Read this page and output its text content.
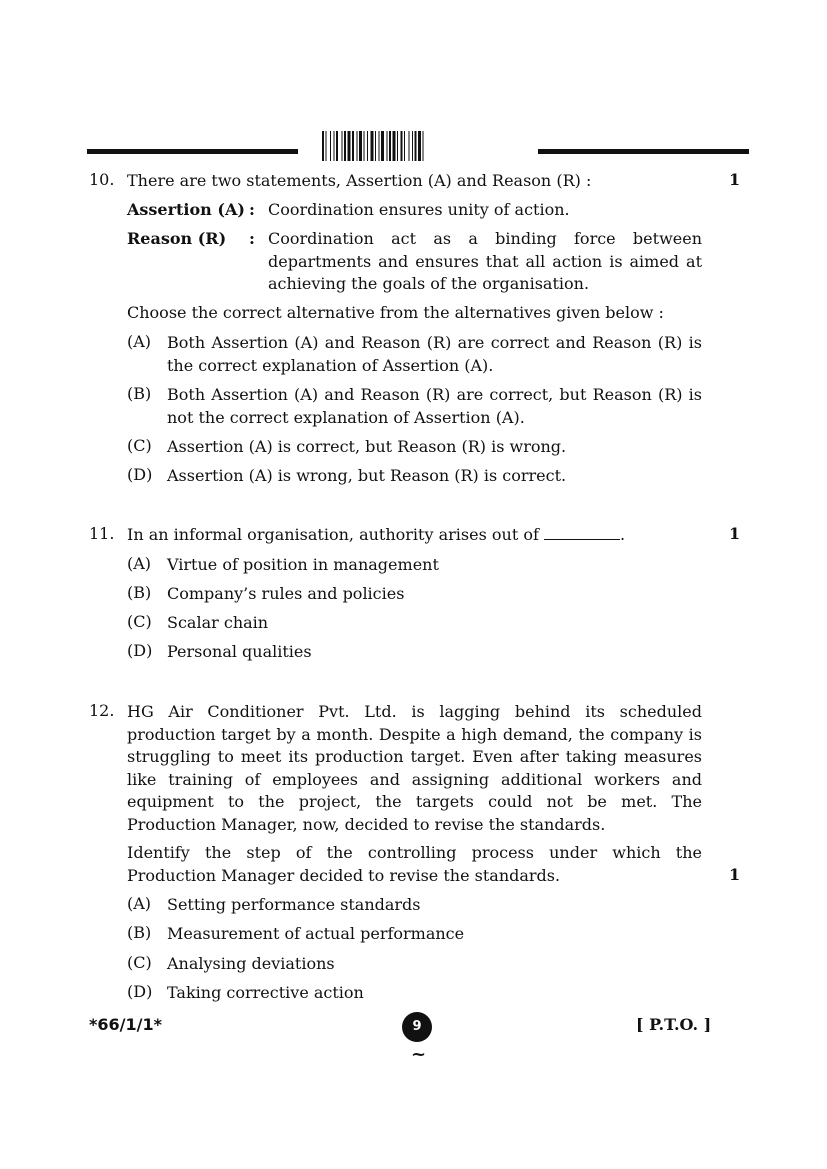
10. There are two statements, Assertion (A) and Reason (R) :	1
Assertion (A) : Coordination ensures unity of action.
Reason (R) : Coordination act as a binding force between departments and ensures that all action is aimed at achieving the goals of the organisation.
Choose the correct alternative from the alternatives given below :
(A) Both Assertion (A) and Reason (R) are correct and Reason (R) is the correct explanation of Assertion (A).
(B) Both Assertion (A) and Reason (R) are correct, but Reason (R) is not the correct explanation of Assertion (A).
(C) Assertion (A) is correct, but Reason (R) is wrong.
(D) Assertion (A) is wrong, but Reason (R) is correct.
11. In an informal organisation, authority arises out of	.	1
(A) Virtue of position in management
(B) Company’s rules and policies
(C) Scalar chain
(D) Personal qualities
12. HG Air Conditioner Pvt. Ltd. is lagging behind its scheduled production target by a month. Despite a high demand, the company is struggling to meet its production target. Even after taking measures like training of employees and assigning additional workers and equipment to the project, the targets could not be met. The Production Manager, now, decided to revise the standards.
Identify the step of the controlling process under which the Production Manager decided to revise the standards.	1
(A) Setting performance standards
(B) Measurement of actual performance
(C) Analysing deviations
(D) Taking corrective action
*66/1/1*	9	[ P.T.O. ]
~
